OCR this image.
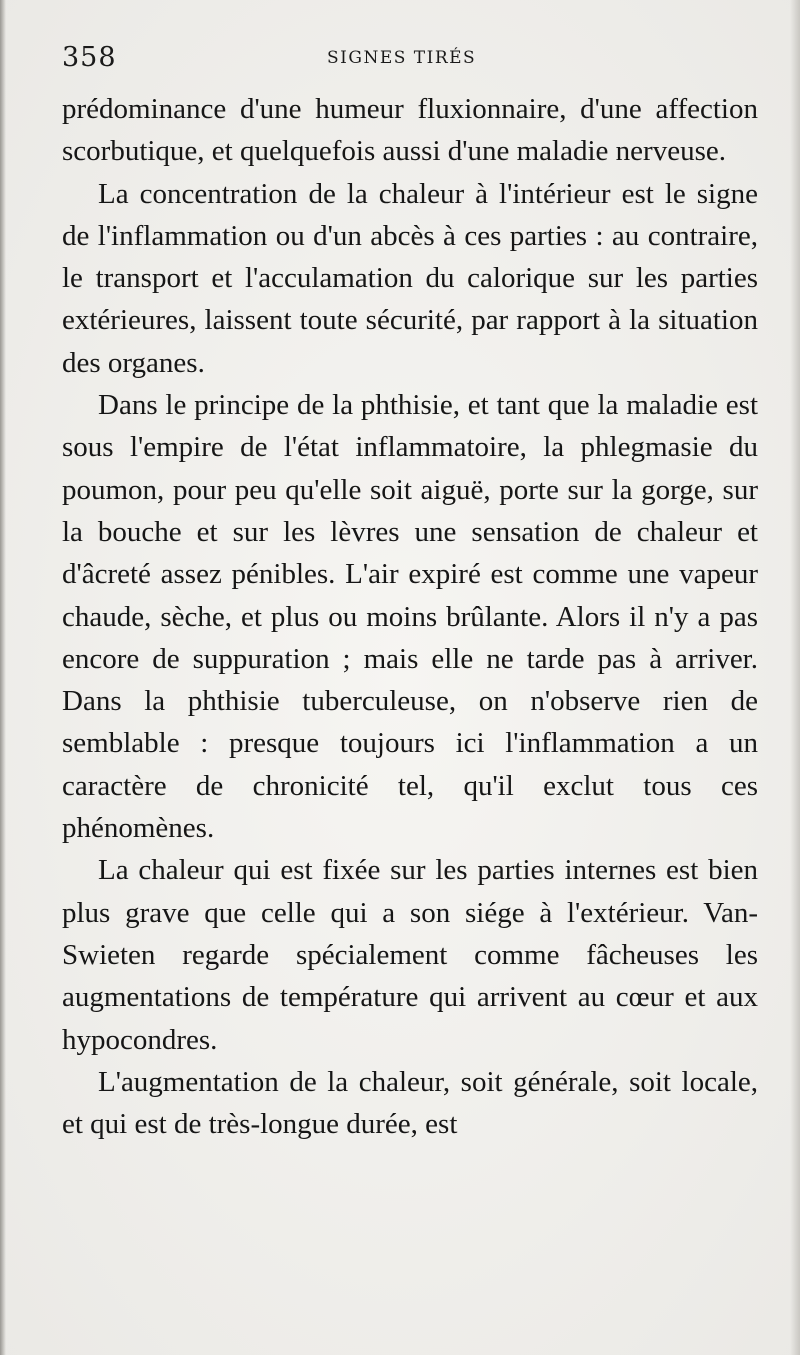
358	SIGNES TIRÉS

prédominance d'une humeur fluxionnaire, d'une affection scorbutique, et quelquefois aussi d'une maladie nerveuse.

La concentration de la chaleur à l'intérieur est le signe de l'inflammation ou d'un abcès à ces parties : au contraire, le transport et l'acculamation du calorique sur les parties extérieures, laissent toute sécurité, par rapport à la situation des organes.

Dans le principe de la phthisie, et tant que la maladie est sous l'empire de l'état inflammatoire, la phlegmasie du poumon, pour peu qu'elle soit aiguë, porte sur la gorge, sur la bouche et sur les lèvres une sensation de chaleur et d'âcreté assez pénibles. L'air expiré est comme une vapeur chaude, sèche, et plus ou moins brûlante. Alors il n'y a pas encore de suppuration ; mais elle ne tarde pas à arriver. Dans la phthisie tuberculeuse, on n'observe rien de semblable : presque toujours ici l'inflammation a un caractère de chronicité tel, qu'il exclut tous ces phénomènes.

La chaleur qui est fixée sur les parties internes est bien plus grave que celle qui a son siége à l'extérieur. Van-Swieten regarde spécialement comme fâcheuses les augmentations de température qui arrivent au cœur et aux hypocondres.

L'augmentation de la chaleur, soit générale, soit locale, et qui est de très-longue durée, est
